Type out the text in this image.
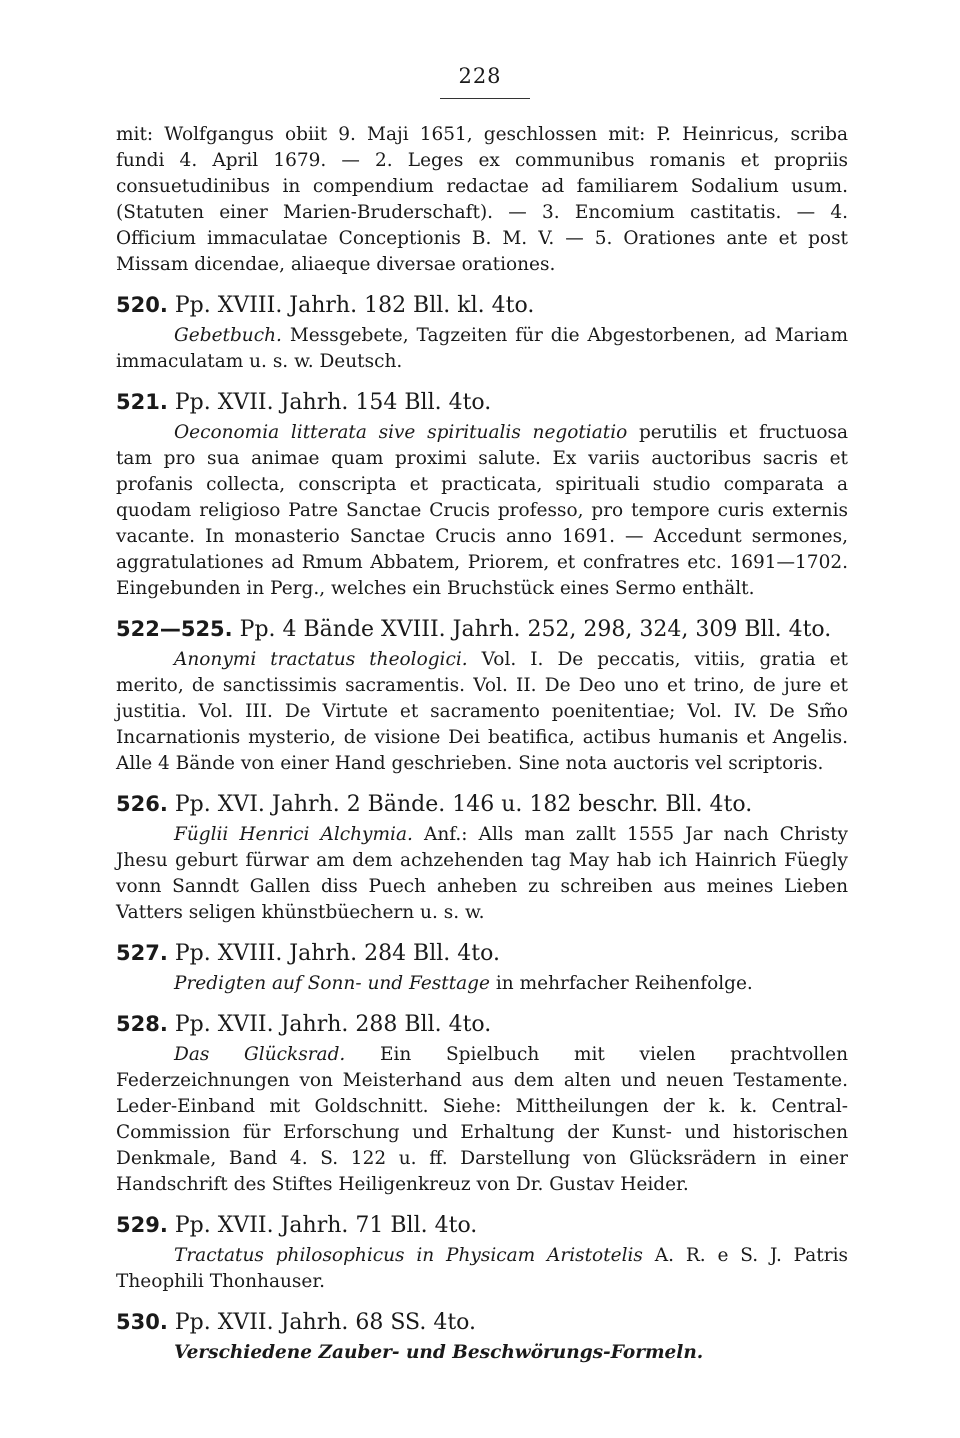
228

mit: Wolfgangus obiit 9. Maji 1651, geschlossen mit: P. Heinricus, scriba fundi 4. April 1679. — 2. Leges ex communibus romanis et propriis consuetudinibus in compendium redactae ad familiarem Sodalium usum. (Statuten einer Marien-Bruderschaft). — 3. Encomium castitatis. — 4. Officium immaculatae Conceptionis B. M. V. — 5. Orationes ante et post Missam dicendae, aliaeque diversae orationes.

520. Pp. XVIII. Jahrh. 182 Bll. kl. 4to.

Gebetbuch. Messgebete, Tagzeiten für die Abgestorbenen, ad Mariam immaculatam u. s. w. Deutsch.

521. Pp. XVII. Jahrh. 154 Bll. 4to.

Oeconomia litterata sive spiritualis negotiatio perutilis et fructuosa tam pro sua animae quam proximi salute. Ex variis auctoribus sacris et profanis collecta, conscripta et practicata, spirituali studio comparata a quodam religioso Patre Sanctae Crucis professo, pro tempore curis externis vacante. In monasterio Sanctae Crucis anno 1691. — Accedunt sermones, aggratulationes ad Rmum Abbatem, Priorem, et confratres etc. 1691—1702. Eingebunden in Perg., welches ein Bruchstück eines Sermo enthält.

522—525. Pp. 4 Bände XVIII. Jahrh. 252, 298, 324, 309 Bll. 4to.

Anonymi tractatus theologici. Vol. I. De peccatis, vitiis, gratia et merito, de sanctissimis sacramentis. Vol. II. De Deo uno et trino, de jure et justitia. Vol. III. De Virtute et sacramento poenitentiae; Vol. IV. De Sm̃o Incarnationis mysterio, de visione Dei beatifica, actibus humanis et Angelis. Alle 4 Bände von einer Hand geschrieben. Sine nota auctoris vel scriptoris.

526. Pp. XVI. Jahrh. 2 Bände. 146 u. 182 beschr. Bll. 4to.

Füglii Henrici Alchymia. Anf.: Alls man zallt 1555 Jar nach Christy Jhesu geburt fürwar am dem achzehenden tag May hab ich Hainrich Füegly vonn Sanndt Gallen diss Puech anheben zu schreiben aus meines Lieben Vatters seligen khünstbüechern u. s. w.

527. Pp. XVIII. Jahrh. 284 Bll. 4to.

Predigten auf Sonn- und Festtage in mehrfacher Reihenfolge.

528. Pp. XVII. Jahrh. 288 Bll. 4to.

Das Glücksrad. Ein Spielbuch mit vielen prachtvollen Federzeichnungen von Meisterhand aus dem alten und neuen Testamente. Leder-Einband mit Goldschnitt. Siehe: Mittheilungen der k. k. Central-Commission für Erforschung und Erhaltung der Kunst- und historischen Denkmale, Band 4. S. 122 u. ff. Darstellung von Glücksrädern in einer Handschrift des Stiftes Heiligenkreuz von Dr. Gustav Heider.

529. Pp. XVII. Jahrh. 71 Bll. 4to.

Tractatus philosophicus in Physicam Aristotelis A. R. e S. J. Patris Theophili Thonhauser.

530. Pp. XVII. Jahrh. 68 SS. 4to.

Verschiedene Zauber- und Beschwörungs-Formeln.
